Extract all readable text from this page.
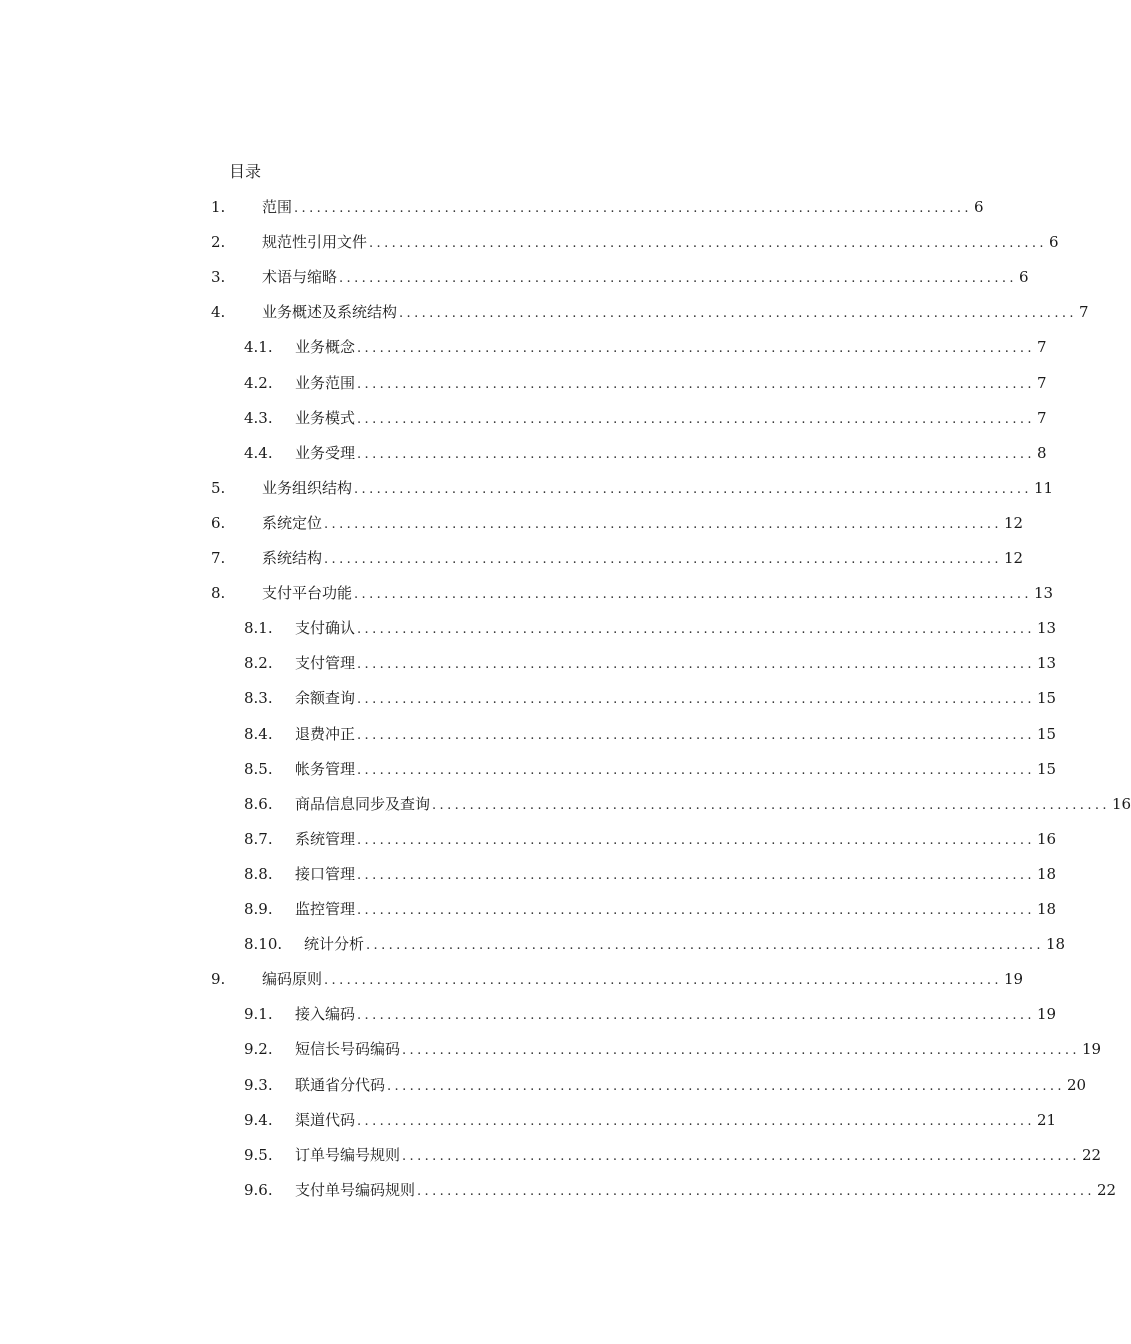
目录
1. 范围 .......................................................................................... 6
2. 规范性引用文件 .......................................................................................... 6
3. 术语与缩略 .......................................................................................... 6
4. 业务概述及系统结构 .......................................................................................... 7
4.1. 业务概念 .......................................................................................... 7
4.2. 业务范围 .......................................................................................... 7
4.3. 业务模式 .......................................................................................... 7
4.4. 业务受理 .......................................................................................... 8
5. 业务组织结构 .......................................................................................... 11
6. 系统定位 .......................................................................................... 12
7. 系统结构 .......................................................................................... 12
8. 支付平台功能 .......................................................................................... 13
8.1. 支付确认 .......................................................................................... 13
8.2. 支付管理 .......................................................................................... 13
8.3. 余额查询 .......................................................................................... 15
8.4. 退费冲正 .......................................................................................... 15
8.5. 帐务管理 .......................................................................................... 15
8.6. 商品信息同步及查询 .......................................................................................... 16
8.7. 系统管理 .......................................................................................... 16
8.8. 接口管理 .......................................................................................... 18
8.9. 监控管理 .......................................................................................... 18
8.10. 统计分析 .......................................................................................... 18
9. 编码原则 .......................................................................................... 19
9.1. 接入编码 .......................................................................................... 19
9.2. 短信长号码编码 .......................................................................................... 19
9.3. 联通省分代码 .......................................................................................... 20
9.4. 渠道代码 .......................................................................................... 21
9.5. 订单号编号规则 .......................................................................................... 22
9.6. 支付单号编码规则 .......................................................................................... 22
